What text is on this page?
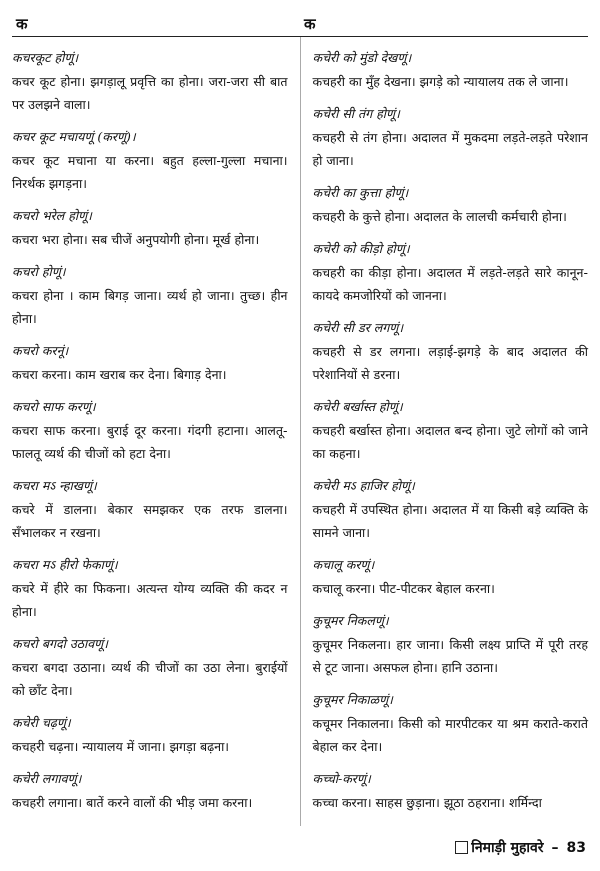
क	क
कचरकूट होणूं।
कचर कूट होना। झगड़ालू प्रवृत्ति का होना। जरा-जरा सी बात पर उलझने वाला।
कचर कूट मचायणूं (करणूं)।
कचर कूट मचाना या करना। बहुत हल्ला-गुल्ला मचाना। निरर्थक झगड़ना।
कचरो भरेल होणूं।
कचरा भरा होना। सब चीजें अनुपयोगी होना। मूर्ख होना।
कचरो होणूं।
कचरा होना । काम बिगड़ जाना। व्यर्थ हो जाना। तुच्छ। हीन होना।
कचरो करनूं।
कचरा करना। काम खराब कर देना। बिगाड़ देना।
कचरो साफ करणूं।
कचरा साफ करना। बुराई दूर करना। गंदगी हटाना। आलतू-फालतू व्यर्थ की चीजों को हटा देना।
कचरा मऽ न्हाखणूं।
कचरे में डालना। बेकार समझकर एक तरफ डालना। सँभालकर न रखना।
कचरा मऽ हीरो फेकाणूं।
कचरे में हीरे का फिकना। अत्यन्त योग्य व्यक्ति की कदर न होना।
कचरो बगदो उठावणूं।
कचरा बगदा उठाना। व्यर्थ की चीजों का उठा लेना। बुराईयों को छाँट देना।
कचेरी चढ़णूं।
कचहरी चढ़ना। न्यायालय में जाना। झगड़ा बढ़ना।
कचेरी लगावणूं।
कचहरी लगाना। बातें करने वालों की भीड़ जमा करना।
कचेरी को मुंडो देखणूं।
कचहरी का मुँह देखना। झगड़े को न्यायालय तक ले जाना।
कचेरी सी तंग होणूं।
कचहरी से तंग होना। अदालत में मुकदमा लड़ते-लड़ते परेशान हो जाना।
कचेरी का कुत्ता होणूं।
कचहरी के कुत्ते होना। अदालत के लालची कर्मचारी होना।
कचेरी को कीड़ो होणूं।
कचहरी का कीड़ा होना। अदालत में लड़ते-लड़ते सारे कानून-कायदे कमजोरियों को जानना।
कचेरी सी डर लगणूं।
कचहरी से डर लगना। लड़ाई-झगड़े के बाद अदालत की परेशानियों से डरना।
कचेरी बर्खास्त होणूं।
कचहरी बर्खास्त होना। अदालत बन्द होना। जुटे लोगों को जाने का कहना।
कचेरी मऽ हाजिर होणूं।
कचहरी में उपस्थित होना। अदालत में या किसी बड़े व्यक्ति के सामने जाना।
कचालू करणूं।
कचालू करना। पीट-पीटकर बेहाल करना।
कुचूमर निकलणूं।
कुचूमर निकलना। हार जाना। किसी लक्ष्य प्राप्ति में पूरी तरह से टूट जाना। असफल होना। हानि उठाना।
कुचूमर निकाळणूं।
कचूमर निकालना। किसी को मारपीटकर या श्रम कराते-कराते बेहाल कर देना।
कच्चो-करणूं।
कच्चा करना। साहस छुड़ाना। झूठा ठहराना। शर्मिन्दा
निमाड़ी मुहावरे – 83
